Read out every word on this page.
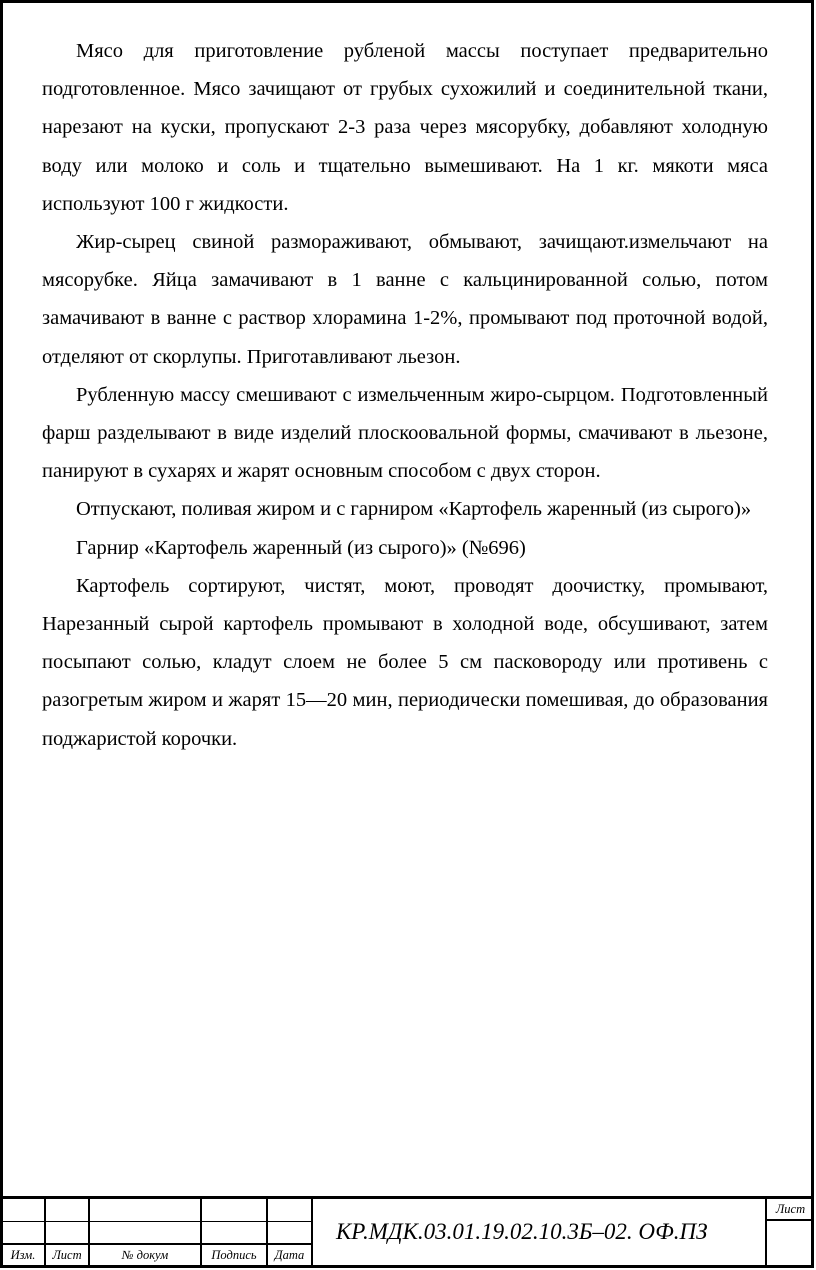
Мясо для приготовление рубленой массы поступает предварительно подготовленное. Мясо зачищают от грубых сухожилий и соединительной ткани, нарезают на куски, пропускают 2-3 раза через мясорубку, добавляют холодную воду или молоко и соль и тщательно вымешивают. На 1 кг. мякоти мяса используют 100 г жидкости.

Жир-сырец свиной размораживают, обмывают, зачищают.измельчают на мясорубке. Яйца замачивают в 1 ванне с кальцинированной солью, потом замачивают в ванне с раствор хлорамина 1-2%, промывают под проточной водой, отделяют от скорлупы. Приготавливают льезон.

Рубленную массу смешивают с измельченным жиро-сырцом. Подготовленный фарш разделывают в виде изделий плоскоовальной формы, смачивают в льезоне, панируют в сухарях и жарят основным способом с двух сторон.

Отпускают, поливая жиром и с гарниром «Картофель жаренный (из сырого)»

Гарнир «Картофель жаренный (из сырого)» (№696)

Картофель сортируют, чистят, моют, проводят доочистку, промывают, Нарезанный сырой картофель промывают в холодной воде, обсушивают, затем посыпают солью, кладут слоем не более 5 см пасковороду или противень с разогретым жиром и жарят 15—20 мин, периодически помешивая, до образования поджаристой корочки.

Изм.	Лист	№ докум	Подпись	Дата
КР.МДК.03.01.19.02.10.3Б–02. ОФ.ПЗ
Лист
